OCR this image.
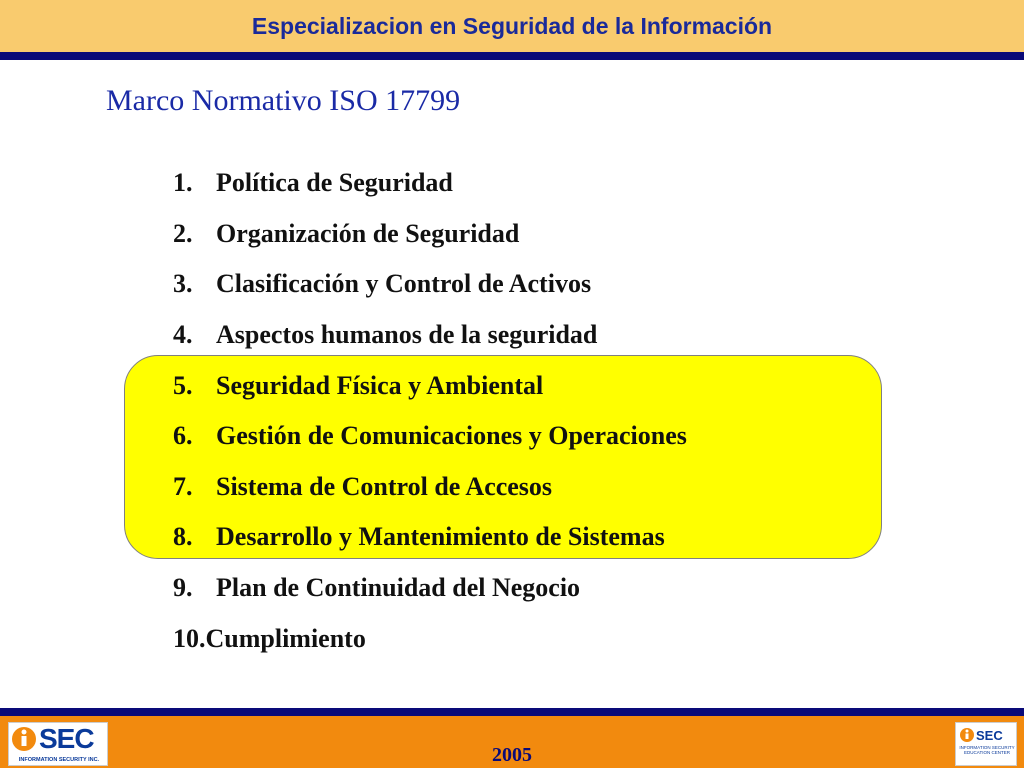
Especializacion en Seguridad de la Información
Marco Normativo ISO 17799
1. Política de Seguridad
2. Organización de Seguridad
3. Clasificación y Control de Activos
4. Aspectos humanos de la seguridad
5. Seguridad Física y Ambiental
6. Gestión de Comunicaciones y Operaciones
7. Sistema de Control de Accesos
8. Desarrollo y Mantenimiento de Sistemas
9. Plan de Continuidad del Negocio
10. Cumplimiento
SEC
INFORMATION SECURITY INC.	2005
SEC
INFORMATION SECURITY EDUCATION CENTER
